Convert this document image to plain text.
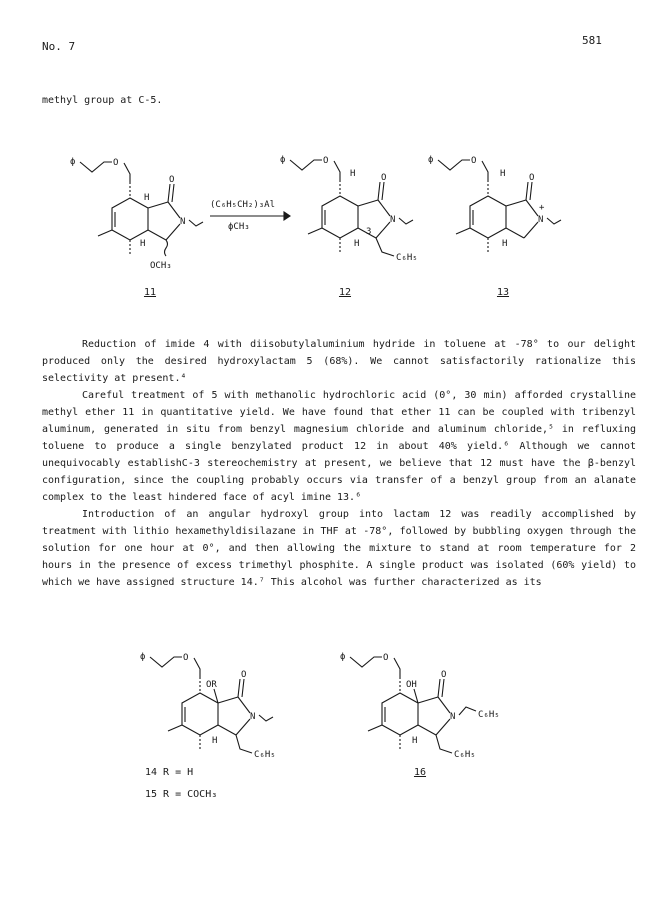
No. 7	581
methyl group at C-5.
ϕ	O
O
H
N
H
OCH₃
11
(C₆H₅CH₂)₃Al
ϕCH₃
ϕ	O
O
H
N
3
H
C₆H₅
12
ϕ	O
O
H
N
+
H
13

Reduction of imide 4 with diisobutylaluminium hydride in toluene at -78° to our delight produced only the desired hydroxylactam 5 (68%). We cannot satisfactorily rationalize this selectivity at present.⁴

Careful treatment of 5 with methanolic hydrochloric acid (0°, 30 min) afforded crystalline methyl ether 11 in quantitative yield. We have found that ether 11 can be coupled with tribenzyl aluminum, generated in situ from benzyl magnesium chloride and aluminum chloride,⁵ in refluxing toluene to produce a single benzylated product 12 in about 40% yield.⁶ Although we cannot unequivocably establishC-3 stereochemistry at present, we believe that 12 must have the β-benzyl configuration, since the coupling probably occurs via transfer of a benzyl group from an alanate complex to the least hindered face of acyl imine 13.⁶

Introduction of an angular hydroxyl group into lactam 12 was readily accomplished by treatment with lithio hexamethyldisilazane in THF at -78°, followed by bubbling oxygen through the solution for one hour at 0°, and then allowing the mixture to stand at room temperature for 2 hours in the presence of excess trimethyl phosphite. A single product was isolated (60% yield) to which we have assigned structure 14.⁷ This alcohol was further characterized as its

ϕ	O
O
OR
N
H
C₆H₅
14 R = H
15 R = COCH₃
ϕ	O
O
OH
N	C₆H₅
H
C₆H₅
16
